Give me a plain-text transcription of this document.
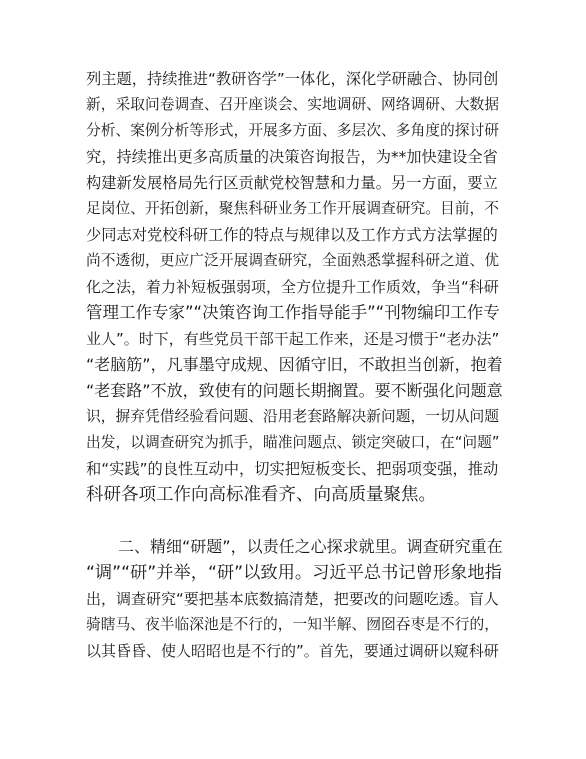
列主题，持续推进“教研咨学”一体化，深化学研融合、协同创
新，采取问卷调查、召开座谈会、实地调研、网络调研、大数据
分析、案例分析等形式，开展多方面、多层次、多角度的探讨研
究，持续推出更多高质量的决策咨询报告，为**加快建设全省
构建新发展格局先行区贡献党校智慧和力量。另一方面，要立
足岗位、开拓创新，聚焦科研业务工作开展调查研究。目前，不
少同志对党校科研工作的特点与规律以及工作方式方法掌握的
尚不透彻，更应广泛开展调查研究，全面熟悉掌握科研之道、优
化之法，着力补短板强弱项，全方位提升工作质效，争当“科研
管理工作专家”“决策咨询工作指导能手”“刊物编印工作专
业人”。时下，有些党员干部干起工作来，还是习惯于“老办法”
“老脑筋”，凡事墨守成规、因循守旧，不敢担当创新，抱着
“老套路”不放，致使有的问题长期搁置。要不断强化问题意
识，摒弃凭借经验看问题、沿用老套路解决新问题，一切从问题
出发，以调查研究为抓手，瞄准问题点、锁定突破口，在“问题”
和“实践”的良性互动中，切实把短板变长、把弱项变强，推动
科研各项工作向高标准看齐、向高质量聚焦。
　　二、精细“研题”，以责任之心探求就里。调查研究重在
“调”“研”并举，“研”以致用。习近平总书记曾形象地指
出，调查研究“要把基本底数搞清楚，把要改的问题吃透。盲人
骑瞎马、夜半临深池是不行的，一知半解、囫囵吞枣是不行的，
以其昏昏、使人昭昭也是不行的”。首先，要通过调研以窥科研
